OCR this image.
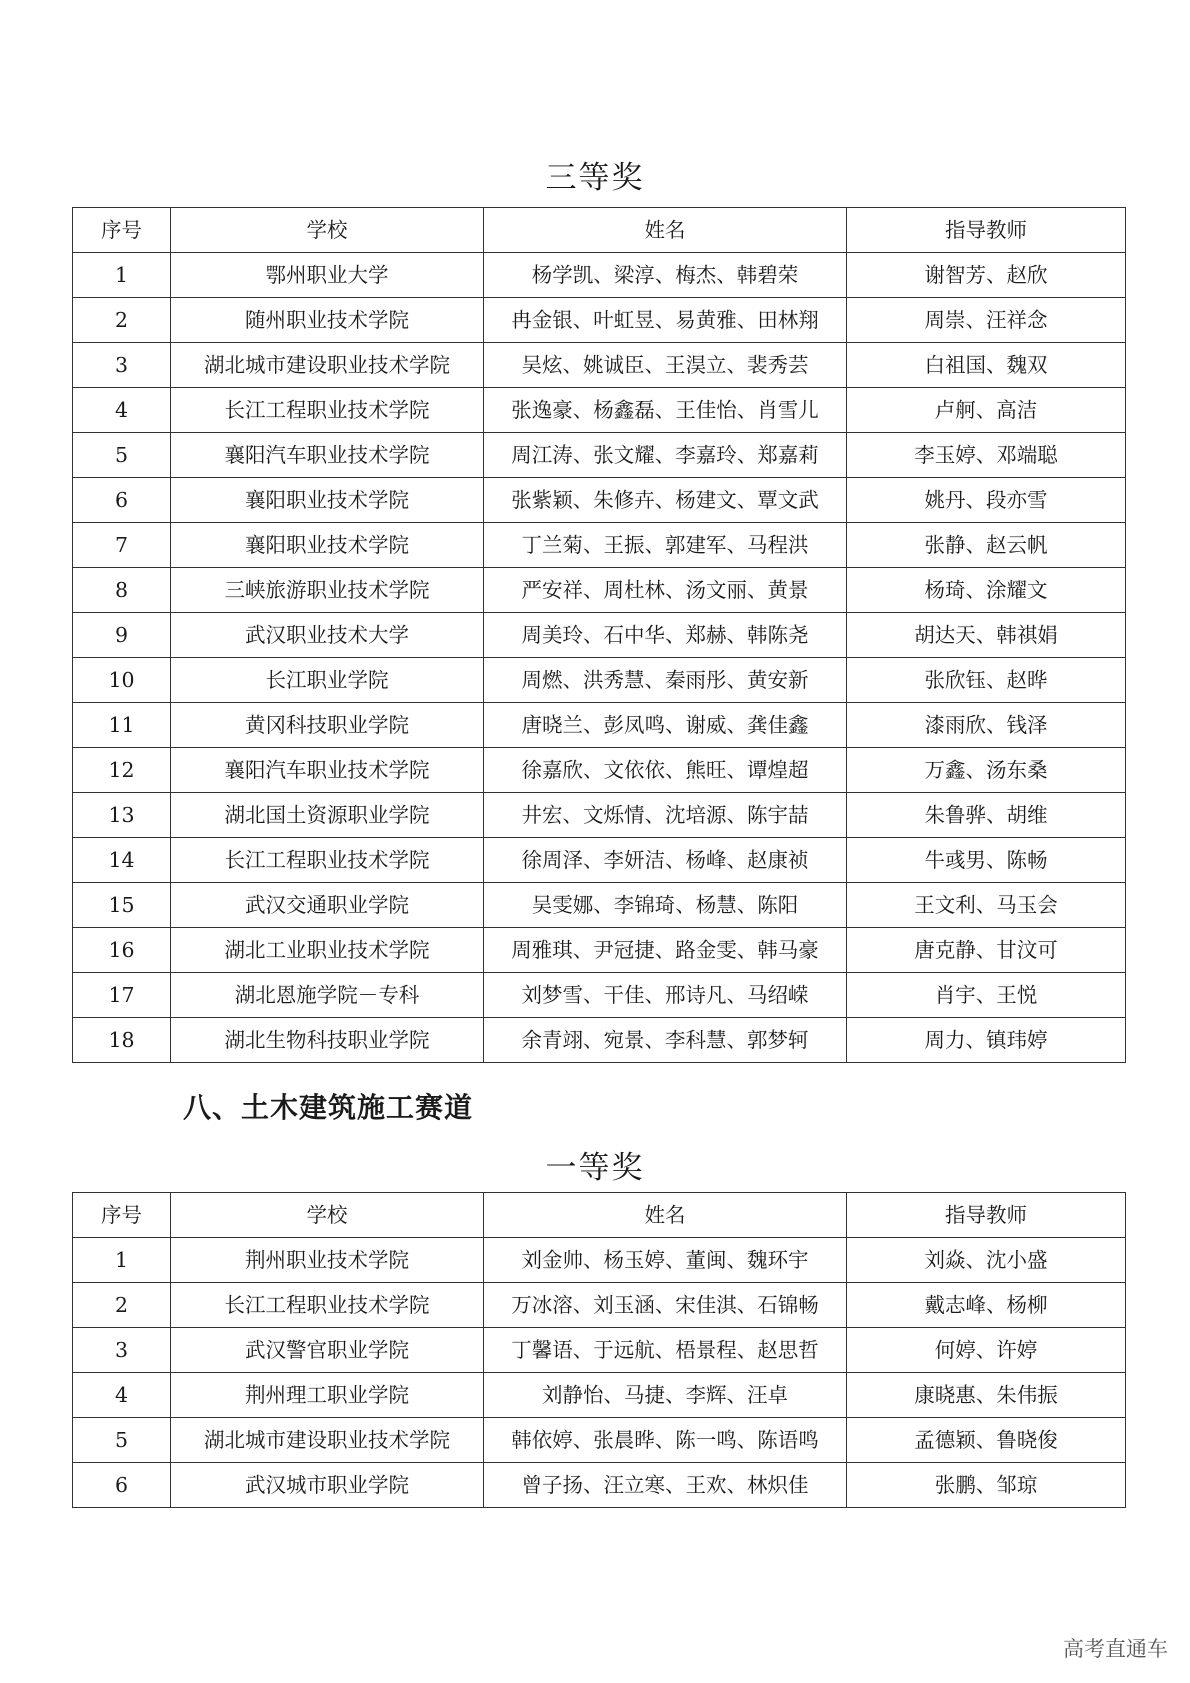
三等奖
序号	学校	姓名	指导教师
1	鄂州职业大学	杨学凯、梁淳、梅杰、韩碧荣	谢智芳、赵欣
2	随州职业技术学院	冉金银、叶虹昱、易黄雅、田林翔	周崇、汪祥念
3	湖北城市建设职业技术学院	吴炫、姚诚臣、王淏立、裴秀芸	白祖国、魏双
4	长江工程职业技术学院	张逸豪、杨鑫磊、王佳怡、肖雪儿	卢舸、高洁
5	襄阳汽车职业技术学院	周江涛、张文耀、李嘉玲、郑嘉莉	李玉婷、邓端聪
6	襄阳职业技术学院	张紫颖、朱修卉、杨建文、覃文武	姚丹、段亦雪
7	襄阳职业技术学院	丁兰菊、王振、郭建军、马程洪	张静、赵云帆
8	三峡旅游职业技术学院	严安祥、周杜林、汤文丽、黄景	杨琦、涂耀文
9	武汉职业技术大学	周美玲、石中华、郑赫、韩陈尧	胡达天、韩祺娟
10	长江职业学院	周燃、洪秀慧、秦雨彤、黄安新	张欣钰、赵晔
11	黄冈科技职业学院	唐晓兰、彭凤鸣、谢威、龚佳鑫	漆雨欣、钱泽
12	襄阳汽车职业技术学院	徐嘉欣、文依依、熊旺、谭煌超	万鑫、汤东桑
13	湖北国土资源职业学院	井宏、文烁情、沈培源、陈宇喆	朱鲁骅、胡维
14	长江工程职业技术学院	徐周泽、李妍洁、杨峰、赵康祯	牛彧男、陈畅
15	武汉交通职业学院	吴雯娜、李锦琦、杨慧、陈阳	王文利、马玉会
16	湖北工业职业技术学院	周雅琪、尹冠捷、路金雯、韩马豪	唐克静、甘汶可
17	湖北恩施学院－专科	刘梦雪、干佳、邢诗凡、马绍嵘	肖宇、王悦
18	湖北生物科技职业学院	余青翊、宛景、李科慧、郭梦轲	周力、镇玮婷
八、土木建筑施工赛道
一等奖
序号	学校	姓名	指导教师
1	荆州职业技术学院	刘金帅、杨玉婷、董闽、魏环宇	刘焱、沈小盛
2	长江工程职业技术学院	万冰溶、刘玉涵、宋佳淇、石锦畅	戴志峰、杨柳
3	武汉警官职业学院	丁馨语、于远航、梧景程、赵思哲	何婷、许婷
4	荆州理工职业学院	刘静怡、马捷、李辉、汪卓	康晓惠、朱伟振
5	湖北城市建设职业技术学院	韩依婷、张晨晔、陈一鸣、陈语鸣	孟德颖、鲁晓俊
6	武汉城市职业学院	曾子扬、汪立寒、王欢、林炽佳	张鹏、邹琼
高考直通车
